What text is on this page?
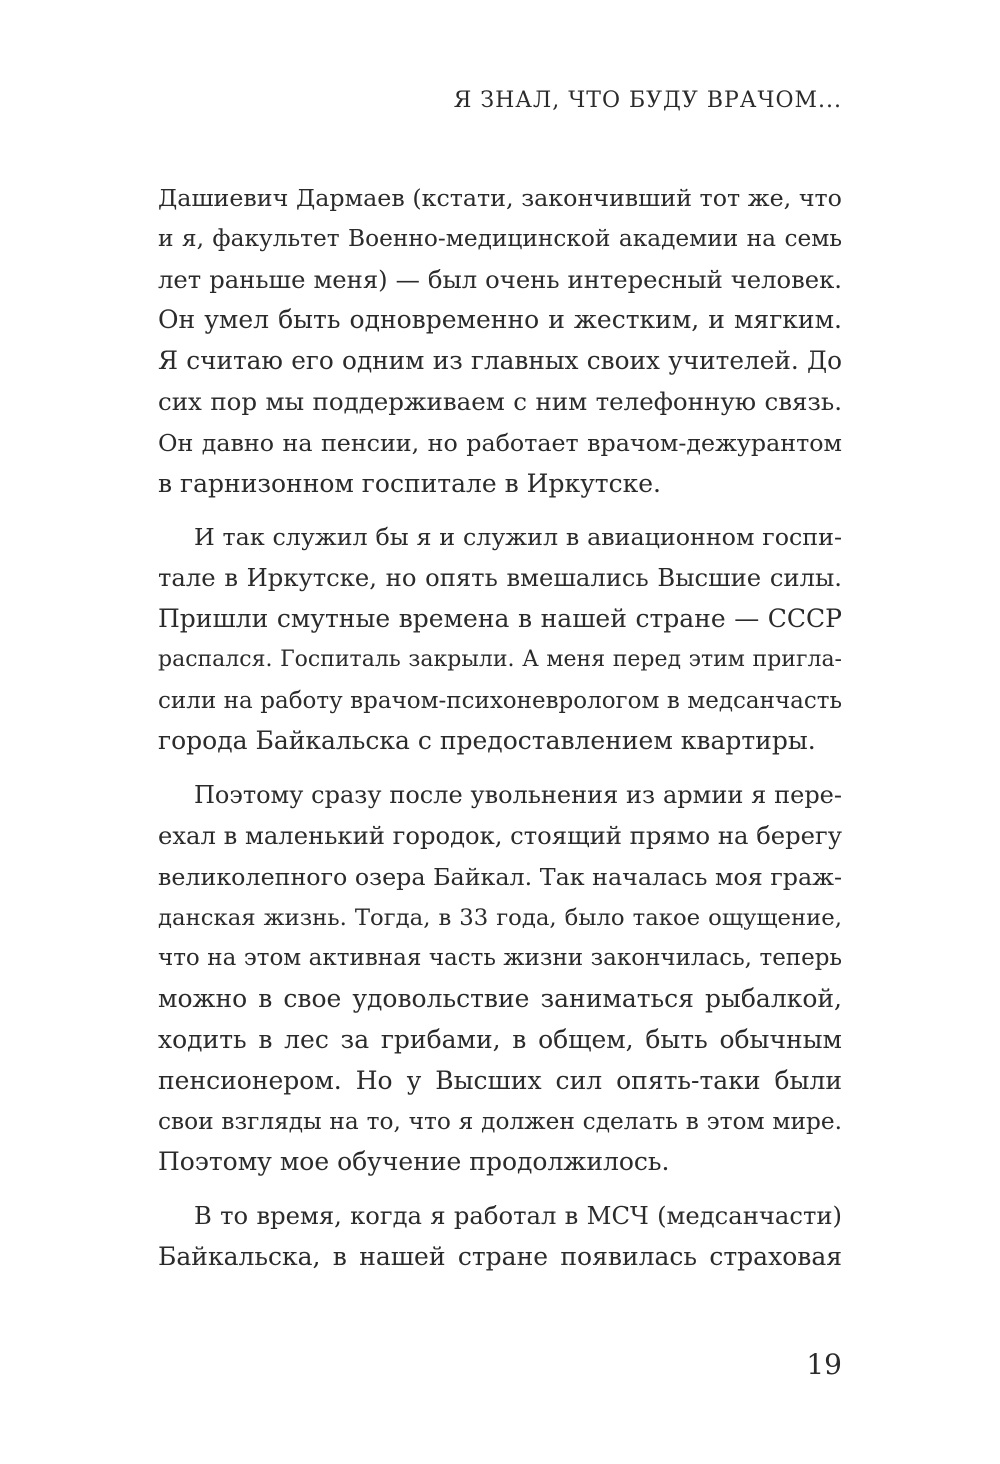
Я ЗНАЛ, ЧТО БУДУ ВРАЧОМ...

Дашиевич Дармаев (кстати, закончивший тот же, что
и я, факультет Военно-медицинской академии на семь
лет раньше меня) — был очень интересный человек.
Он умел быть одновременно и жестким, и мягким.
Я считаю его одним из главных своих учителей. До
сих пор мы поддерживаем с ним телефонную связь.
Он давно на пенсии, но работает врачом-дежурантом
в гарнизонном госпитале в Иркутске.

И так служил бы я и служил в авиационном госпи-
тале в Иркутске, но опять вмешались Высшие силы.
Пришли смутные времена в нашей стране — СССР
распался. Госпиталь закрыли. А меня перед этим пригла-
сили на работу врачом-психоневрологом в медсанчасть
города Байкальска с предоставлением квартиры.

Поэтому сразу после увольнения из армии я пере-
ехал в маленький городок, стоящий прямо на берегу
великолепного озера Байкал. Так началась моя граж-
данская жизнь. Тогда, в 33 года, было такое ощущение,
что на этом активная часть жизни закончилась, теперь
можно в свое удовольствие заниматься рыбалкой,
ходить в лес за грибами, в общем, быть обычным
пенсионером. Но у Высших сил опять-таки были
свои взгляды на то, что я должен сделать в этом мире.
Поэтому мое обучение продолжилось.

В то время, когда я работал в МСЧ (медсанчасти)
Байкальска, в нашей стране появилась страховая

19
